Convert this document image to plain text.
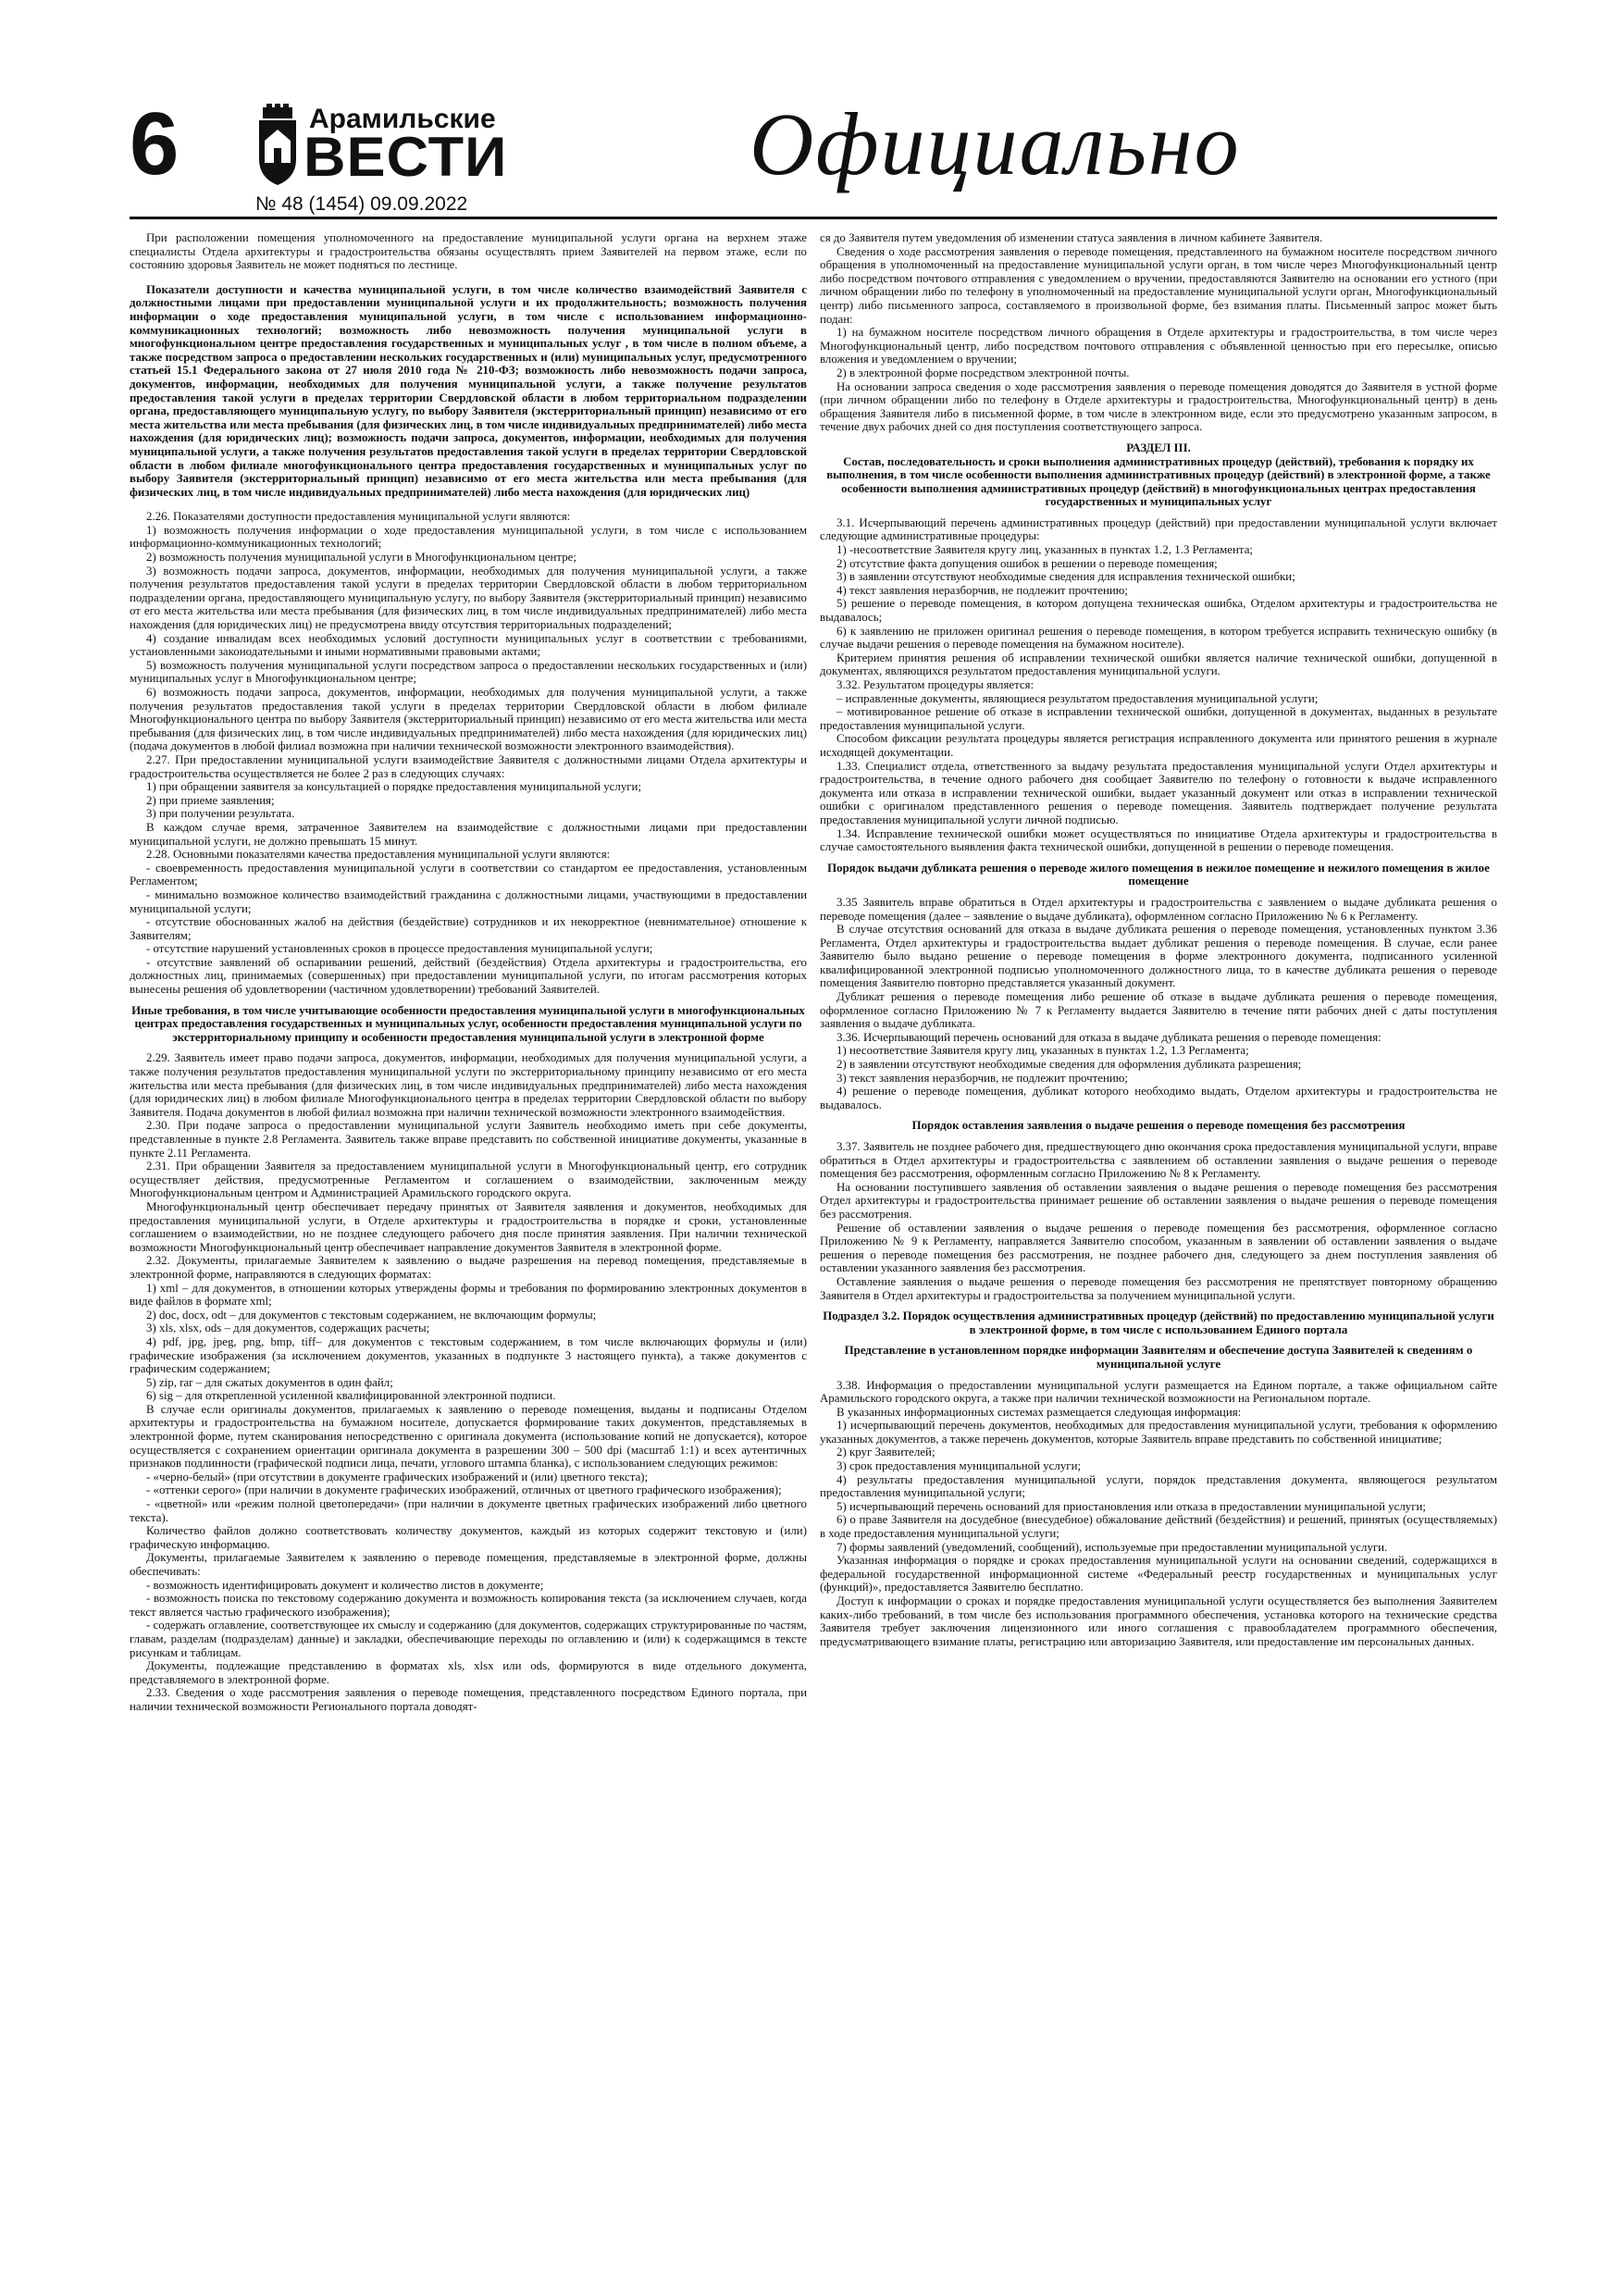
6	Арамильские
ВЕСТИ
№ 48 (1454) 09.09.2022
Официально

При расположении помещения уполномоченного на предоставление муниципальной услуги органа на верхнем этаже специалисты Отдела архитектуры и градостроительства обязаны осуществлять прием Заявителей на первом этаже, если по состоянию здоровья Заявитель не может подняться по лестнице.

Показатели доступности и качества муниципальной услуги, в том числе количество взаимодействий Заявителя с должностными лицами при предоставлении муниципальной услуги и их продолжительность; возможность получения информации о ходе предоставления муниципальной услуги, в том числе с использованием информационно-коммуникационных технологий; возможность либо невозможность получения муниципальной услуги в многофункциональном центре предоставления государственных и муниципальных услуг , в том числе в полном объеме, а также посредством запроса о предоставлении нескольких государственных и (или) муниципальных услуг, предусмотренного статьей 15.1 Федерального закона от 27 июля 2010 года № 210-ФЗ; возможность либо невозможность подачи запроса, документов, информации, необходимых для получения муниципальной услуги, а также получение результатов предоставления такой услуги в пределах территории Свердловской области в любом территориальном подразделении органа, предоставляющего муниципальную услугу, по выбору Заявителя (экстерриториальный принцип) независимо от его места жительства или места пребывания (для физических лиц, в том числе индивидуальных предпринимателей) либо места нахождения (для юридических лиц); возможность подачи запроса, документов, информации, необходимых для получения муниципальной услуги, а также получения результатов предоставления такой услуги в пределах территории Свердловской области в любом филиале многофункционального центра предоставления государственных и муниципальных услуг по выбору Заявителя (экстерриториальный принцип) независимо от его места жительства или места пребывания (для физических лиц, в том числе индивидуальных предпринимателей) либо места нахождения (для юридических лиц)

2.26. Показателями доступности предоставления муниципальной услуги являются:

1) возможность получения информации о ходе предоставления муниципальной услуги, в том числе с использованием информационно-коммуникационных технологий;

2) возможность получения муниципальной услуги в Многофункциональном центре;

3) возможность подачи запроса, документов, информации, необходимых для получения муниципальной услуги, а также получения результатов предоставления такой услуги в пределах территории Свердловской области в любом территориальном подразделении органа, предоставляющего муниципальную услугу, по выбору Заявителя (экстерриториальный принцип) независимо от его места жительства или места пребывания (для физических лиц, в том числе индивидуальных предпринимателей) либо места нахождения (для юридических лиц) не предусмотрена ввиду отсутствия территориальных подразделений;

4) создание инвалидам всех необходимых условий доступности муниципальных услуг в соответствии с требованиями, установленными законодательными и иными нормативными правовыми актами;

5) возможность получения муниципальной услуги посредством запроса о предоставлении нескольких государственных и (или) муниципальных услуг в Многофункциональном центре;

6) возможность подачи запроса, документов, информации, необходимых для получения муниципальной услуги, а также получения результатов предоставления такой услуги в пределах территории Свердловской области в любом филиале Многофункционального центра по выбору Заявителя (экстерриториальный принцип) независимо от его места жительства или места пребывания (для физических лиц, в том числе индивидуальных предпринимателей) либо места нахождения (для юридических лиц) (подача документов в любой филиал возможна при наличии технической возможности электронного взаимодействия).

2.27. При предоставлении муниципальной услуги взаимодействие Заявителя с должностными лицами Отдела архитектуры и градостроительства осуществляется не более 2 раз в следующих случаях:

1) при обращении заявителя за консультацией о порядке предоставления муниципальной услуги;

2) при приеме заявления;

3) при получении результата.

В каждом случае время, затраченное Заявителем на взаимодействие с должностными лицами при предоставлении муниципальной услуги, не должно превышать 15 минут.

2.28. Основными показателями качества предоставления муниципальной услуги являются:

- своевременность предоставления муниципальной услуги в соответствии со стандартом ее предоставления, установленным Регламентом;

- минимально возможное количество взаимодействий гражданина с должностными лицами, участвующими в предоставлении муниципальной услуги;

- отсутствие обоснованных жалоб на действия (бездействие) сотрудников и их некорректное (невнимательное) отношение к Заявителям;

- отсутствие нарушений установленных сроков в процессе предоставления муниципальной услуги;

- отсутствие заявлений об оспаривании решений, действий (бездействия) Отдела архитектуры и градостроительства, его должностных лиц, принимаемых (совершенных) при предоставлении муниципальной услуги, по итогам рассмотрения которых вынесены решения об удовлетворении (частичном удовлетворении) требований Заявителей.

Иные требования, в том числе учитывающие особенности предоставления муниципальной услуги в многофункциональных центрах предоставления государственных и муниципальных услуг, особенности предоставления муниципальной услуги по экстерриториальному принципу и особенности предоставления муниципальной услуги в электронной форме

2.29. Заявитель имеет право подачи запроса, документов, информации, необходимых для получения муниципальной услуги, а также получения результатов предоставления муниципальной услуги по экстерриториальному принципу независимо от его места жительства или места пребывания (для физических лиц, в том числе индивидуальных предпринимателей) либо места нахождения (для юридических лиц) в любом филиале Многофункционального центра в пределах территории Свердловской области по выбору Заявителя. Подача документов в любой филиал возможна при наличии технической возможности электронного взаимодействия.

2.30. При подаче запроса о предоставлении муниципальной услуги Заявитель необходимо иметь при себе документы, представленные в пункте 2.8 Регламента. Заявитель также вправе представить по собственной инициативе документы, указанные в пункте 2.11 Регламента.

2.31. При обращении Заявителя за предоставлением муниципальной услуги в Многофункциональный центр, его сотрудник осуществляет действия, предусмотренные Регламентом и соглашением о взаимодействии, заключенным между Многофункциональным центром и Администрацией Арамильского городского округа.

Многофункциональный центр обеспечивает передачу принятых от Заявителя заявления и документов, необходимых для предоставления муниципальной услуги, в Отделе архитектуры и градостроительства в порядке и сроки, установленные соглашением о взаимодействии, но не позднее следующего рабочего дня после принятия заявления. При наличии технической возможности Многофункциональный центр обеспечивает направление документов Заявителя в электронной форме.

2.32. Документы, прилагаемые Заявителем к заявлению о выдаче разрешения на перевод помещения, представляемые в электронной форме, направляются в следующих форматах:

1) xml – для документов, в отношении которых утверждены формы и требования по формированию электронных документов в виде файлов в формате xml;

2) doc, docx, odt – для документов с текстовым содержанием, не включающим формулы;

3) xls, xlsx, ods – для документов, содержащих расчеты;

4) pdf, jpg, jpeg, png, bmp, tiff– для документов с текстовым содержанием, в том числе включающих формулы и (или) графические изображения (за исключением документов, указанных в подпункте 3 настоящего пункта), а также документов с графическим содержанием;

5) zip, rar – для сжатых документов в один файл;

6) sig – для открепленной усиленной квалифицированной электронной подписи.

В случае если оригиналы документов, прилагаемых к заявлению о переводе помещения, выданы и подписаны Отделом архитектуры и градостроительства на бумажном носителе, допускается формирование таких документов, представляемых в электронной форме, путем сканирования непосредственно с оригинала документа (использование копий не допускается), которое осуществляется с сохранением ориентации оригинала документа в разрешении 300 – 500 dpi (масштаб 1:1) и всех аутентичных признаков подлинности (графической подписи лица, печати, углового штампа бланка), с использованием следующих режимов:

- «черно-белый» (при отсутствии в документе графических изображений и (или) цветного текста);

- «оттенки серого» (при наличии в документе графических изображений, отличных от цветного графического изображения);

- «цветной» или «режим полной цветопередачи» (при наличии в документе цветных графических изображений либо цветного текста).

Количество файлов должно соответствовать количеству документов, каждый из которых содержит текстовую и (или) графическую информацию.

Документы, прилагаемые Заявителем к заявлению о переводе помещения, представляемые в электронной форме, должны обеспечивать:

- возможность идентифицировать документ и количество листов в документе;

- возможность поиска по текстовому содержанию документа и возможность копирования текста (за исключением случаев, когда текст является частью графического изображения);

- содержать оглавление, соответствующее их смыслу и содержанию (для документов, содержащих структурированные по частям, главам, разделам (подразделам) данные) и закладки, обеспечивающие переходы по оглавлению и (или) к содержащимся в тексте рисункам и таблицам.

Документы, подлежащие представлению в форматах xls, xlsx или ods, формируются в виде отдельного документа, представляемого в электронной форме.

2.33. Сведения о ходе рассмотрения заявления о переводе помещения, представленного посредством Единого портала, при наличии технической возможности Регионального портала доводят-

ся до Заявителя путем уведомления об изменении статуса заявления в личном кабинете Заявителя.

Сведения о ходе рассмотрения заявления о переводе помещения, представленного на бумажном носителе посредством личного обращения в уполномоченный на предоставление муниципальной услуги орган, в том числе через Многофункциональный центр либо посредством почтового отправления с уведомлением о вручении, предоставляются Заявителю на основании его устного (при личном обращении либо по телефону в уполномоченный на предоставление муниципальной услуги орган, Многофункциональный центр) либо письменного запроса, составляемого в произвольной форме, без взимания платы. Письменный запрос может быть подан:

1) на бумажном носителе посредством личного обращения в Отделе архитектуры и градостроительства, в том числе через Многофункциональный центр, либо посредством почтового отправления с объявленной ценностью при его пересылке, описью вложения и уведомлением о вручении;

2) в электронной форме посредством электронной почты.

На основании запроса сведения о ходе рассмотрения заявления о переводе помещения доводятся до Заявителя в устной форме (при личном обращении либо по телефону в Отделе архитектуры и градостроительства, Многофункциональный центр) в день обращения Заявителя либо в письменной форме, в том числе в электронном виде, если это предусмотрено указанным запросом, в течение двух рабочих дней со дня поступления соответствующего запроса.

РАЗДЕЛ III.
Состав, последовательность и сроки выполнения административных процедур (действий), требования к порядку их выполнения, в том числе особенности выполнения административных процедур (действий) в электронной форме, а также особенности выполнения административных процедур (действий) в многофункциональных центрах предоставления государственных и муниципальных услуг

3.1. Исчерпывающий перечень административных процедур (действий) при предоставлении муниципальной услуги включает следующие административные процедуры:

1) -несоответствие Заявителя кругу лиц, указанных в пунктах 1.2, 1.3 Регламента;

2) отсутствие факта допущения ошибок в решении о переводе помещения;

3) в заявлении отсутствуют необходимые сведения для исправления технической ошибки;

4) текст заявления неразборчив, не подлежит прочтению;

5) решение о переводе помещения, в котором допущена техническая ошибка, Отделом архитектуры и градостроительства не выдавалось;

6) к заявлению не приложен оригинал решения о переводе помещения, в котором требуется исправить техническую ошибку (в случае выдачи решения о переводе помещения на бумажном носителе).

Критерием принятия решения об исправлении технической ошибки является наличие технической ошибки, допущенной в документах, являющихся результатом предоставления муниципальной услуги.

3.32. Результатом процедуры является:

– исправленные документы, являющиеся результатом предоставления муниципальной услуги;

– мотивированное решение об отказе в исправлении технической ошибки, допущенной в документах, выданных в результате предоставления муниципальной услуги.

Способом фиксации результата процедуры является регистрация исправленного документа или принятого решения в журнале исходящей документации.

1.33. Специалист отдела, ответственного за выдачу результата предоставления муниципальной услуги Отдел архитектуры и градостроительства, в течение одного рабочего дня сообщает Заявителю по телефону о готовности к выдаче исправленного документа или отказа в исправлении технической ошибки, выдает указанный документ или отказ в исправлении технической ошибки с оригиналом представленного решения о переводе помещения. Заявитель подтверждает получение результата предоставления муниципальной услуги личной подписью.

1.34. Исправление технической ошибки может осуществляться по инициативе Отдела архитектуры и градостроительства в случае самостоятельного выявления факта технической ошибки, допущенной в решении о переводе помещения.

Порядок выдачи дубликата решения о переводе жилого помещения в нежилое помещение и нежилого помещения в жилое помещение

3.35 Заявитель вправе обратиться в Отдел архитектуры и градостроительства с заявлением о выдаче дубликата решения о переводе помещения (далее – заявление о выдаче дубликата), оформленном согласно Приложению № 6 к Регламенту.

В случае отсутствия оснований для отказа в выдаче дубликата решения о переводе помещения, установленных пунктом 3.36 Регламента, Отдел архитектуры и градостроительства выдает дубликат решения о переводе помещения. В случае, если ранее Заявителю было выдано решение о переводе помещения в форме электронного документа, подписанного усиленной квалифицированной электронной подписью уполномоченного должностного лица, то в качестве дубликата решения о переводе помещения Заявителю повторно представляется указанный документ.

Дубликат решения о переводе помещения либо решение об отказе в выдаче дубликата решения о переводе помещения, оформленное согласно Приложению № 7 к Регламенту выдается Заявителю в течение пяти рабочих дней с даты поступления заявления о выдаче дубликата.

3.36. Исчерпывающий перечень оснований для отказа в выдаче дубликата решения о переводе помещения:

1) несоответствие Заявителя кругу лиц, указанных в пунктах 1.2, 1.3 Регламента;

2) в заявлении отсутствуют необходимые сведения для оформления дубликата разрешения;

3) текст заявления неразборчив, не подлежит прочтению;

4) решение о переводе помещения, дубликат которого необходимо выдать, Отделом архитектуры и градостроительства не выдавалось.

Порядок оставления заявления о выдаче решения о переводе помещения без рассмотрения

3.37. Заявитель не позднее рабочего дня, предшествующего дню окончания срока предоставления муниципальной услуги, вправе обратиться в Отдел архитектуры и градостроительства с заявлением об оставлении заявления о выдаче решения о переводе помещения без рассмотрения, оформленным согласно Приложению № 8 к Регламенту.

На основании поступившего заявления об оставлении заявления о выдаче решения о переводе помещения без рассмотрения Отдел архитектуры и градостроительства принимает решение об оставлении заявления о выдаче решения о переводе помещения без рассмотрения.

Решение об оставлении заявления о выдаче решения о переводе помещения без рассмотрения, оформленное согласно Приложению № 9 к Регламенту, направляется Заявителю способом, указанным в заявлении об оставлении заявления о выдаче решения о переводе помещения без рассмотрения, не позднее рабочего дня, следующего за днем поступления заявления об оставлении указанного заявления без рассмотрения.

Оставление заявления о выдаче решения о переводе помещения без рассмотрения не препятствует повторному обращению Заявителя в Отдел архитектуры и градостроительства за получением муниципальной услуги.

Подраздел 3.2. Порядок осуществления административных процедур (действий) по предоставлению муниципальной услуги в электронной форме, в том числе с использованием Единого портала
Представление в установленном порядке информации Заявителям и обеспечение доступа Заявителей к сведениям о муниципальной услуге

3.38. Информация о предоставлении муниципальной услуги размещается на Едином портале, а также официальном сайте Арамильского городского округа, а также при наличии технической возможности на Региональном портале.

В указанных информационных системах размещается следующая информация:

1) исчерпывающий перечень документов, необходимых для предоставления муниципальной услуги, требования к оформлению указанных документов, а также перечень документов, которые Заявитель вправе представить по собственной инициативе;

2) круг Заявителей;

3) срок предоставления муниципальной услуги;

4) результаты предоставления муниципальной услуги, порядок представления документа, являющегося результатом предоставления муниципальной услуги;

5) исчерпывающий перечень оснований для приостановления или отказа в предоставлении муниципальной услуги;

6) о праве Заявителя на досудебное (внесудебное) обжалование действий (бездействия) и решений, принятых (осуществляемых) в ходе предоставления муниципальной услуги;

7) формы заявлений (уведомлений, сообщений), используемые при предоставлении муниципальной услуги.

Указанная информация о порядке и сроках предоставления муниципальной услуги на основании сведений, содержащихся в федеральной государственной информационной системе «Федеральный реестр государственных и муниципальных услуг (функций)», предоставляется Заявителю бесплатно.

Доступ к информации о сроках и порядке предоставления муниципальной услуги осуществляется без выполнения Заявителем каких-либо требований, в том числе без использования программного обеспечения, установка которого на технические средства Заявителя требует заключения лицензионного или иного соглашения с правообладателем программного обеспечения, предусматривающего взимание платы, регистрацию или авторизацию Заявителя, или предоставление им персональных данных.
